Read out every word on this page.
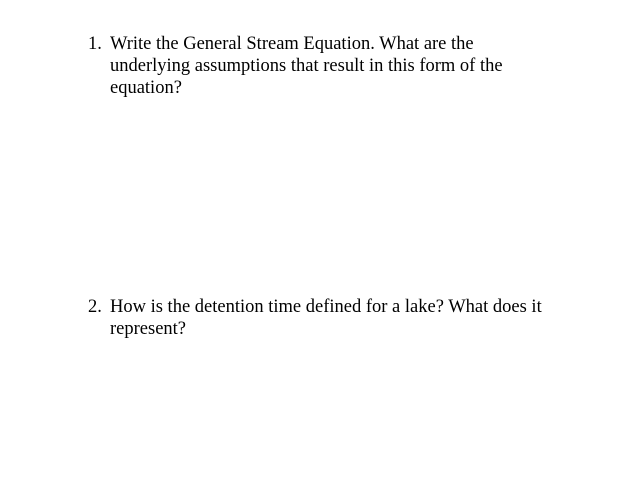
1. Write the General Stream Equation. What are the
underlying assumptions that result in this form of the
equation?
2. How is the detention time defined for a lake? What does it
represent?
